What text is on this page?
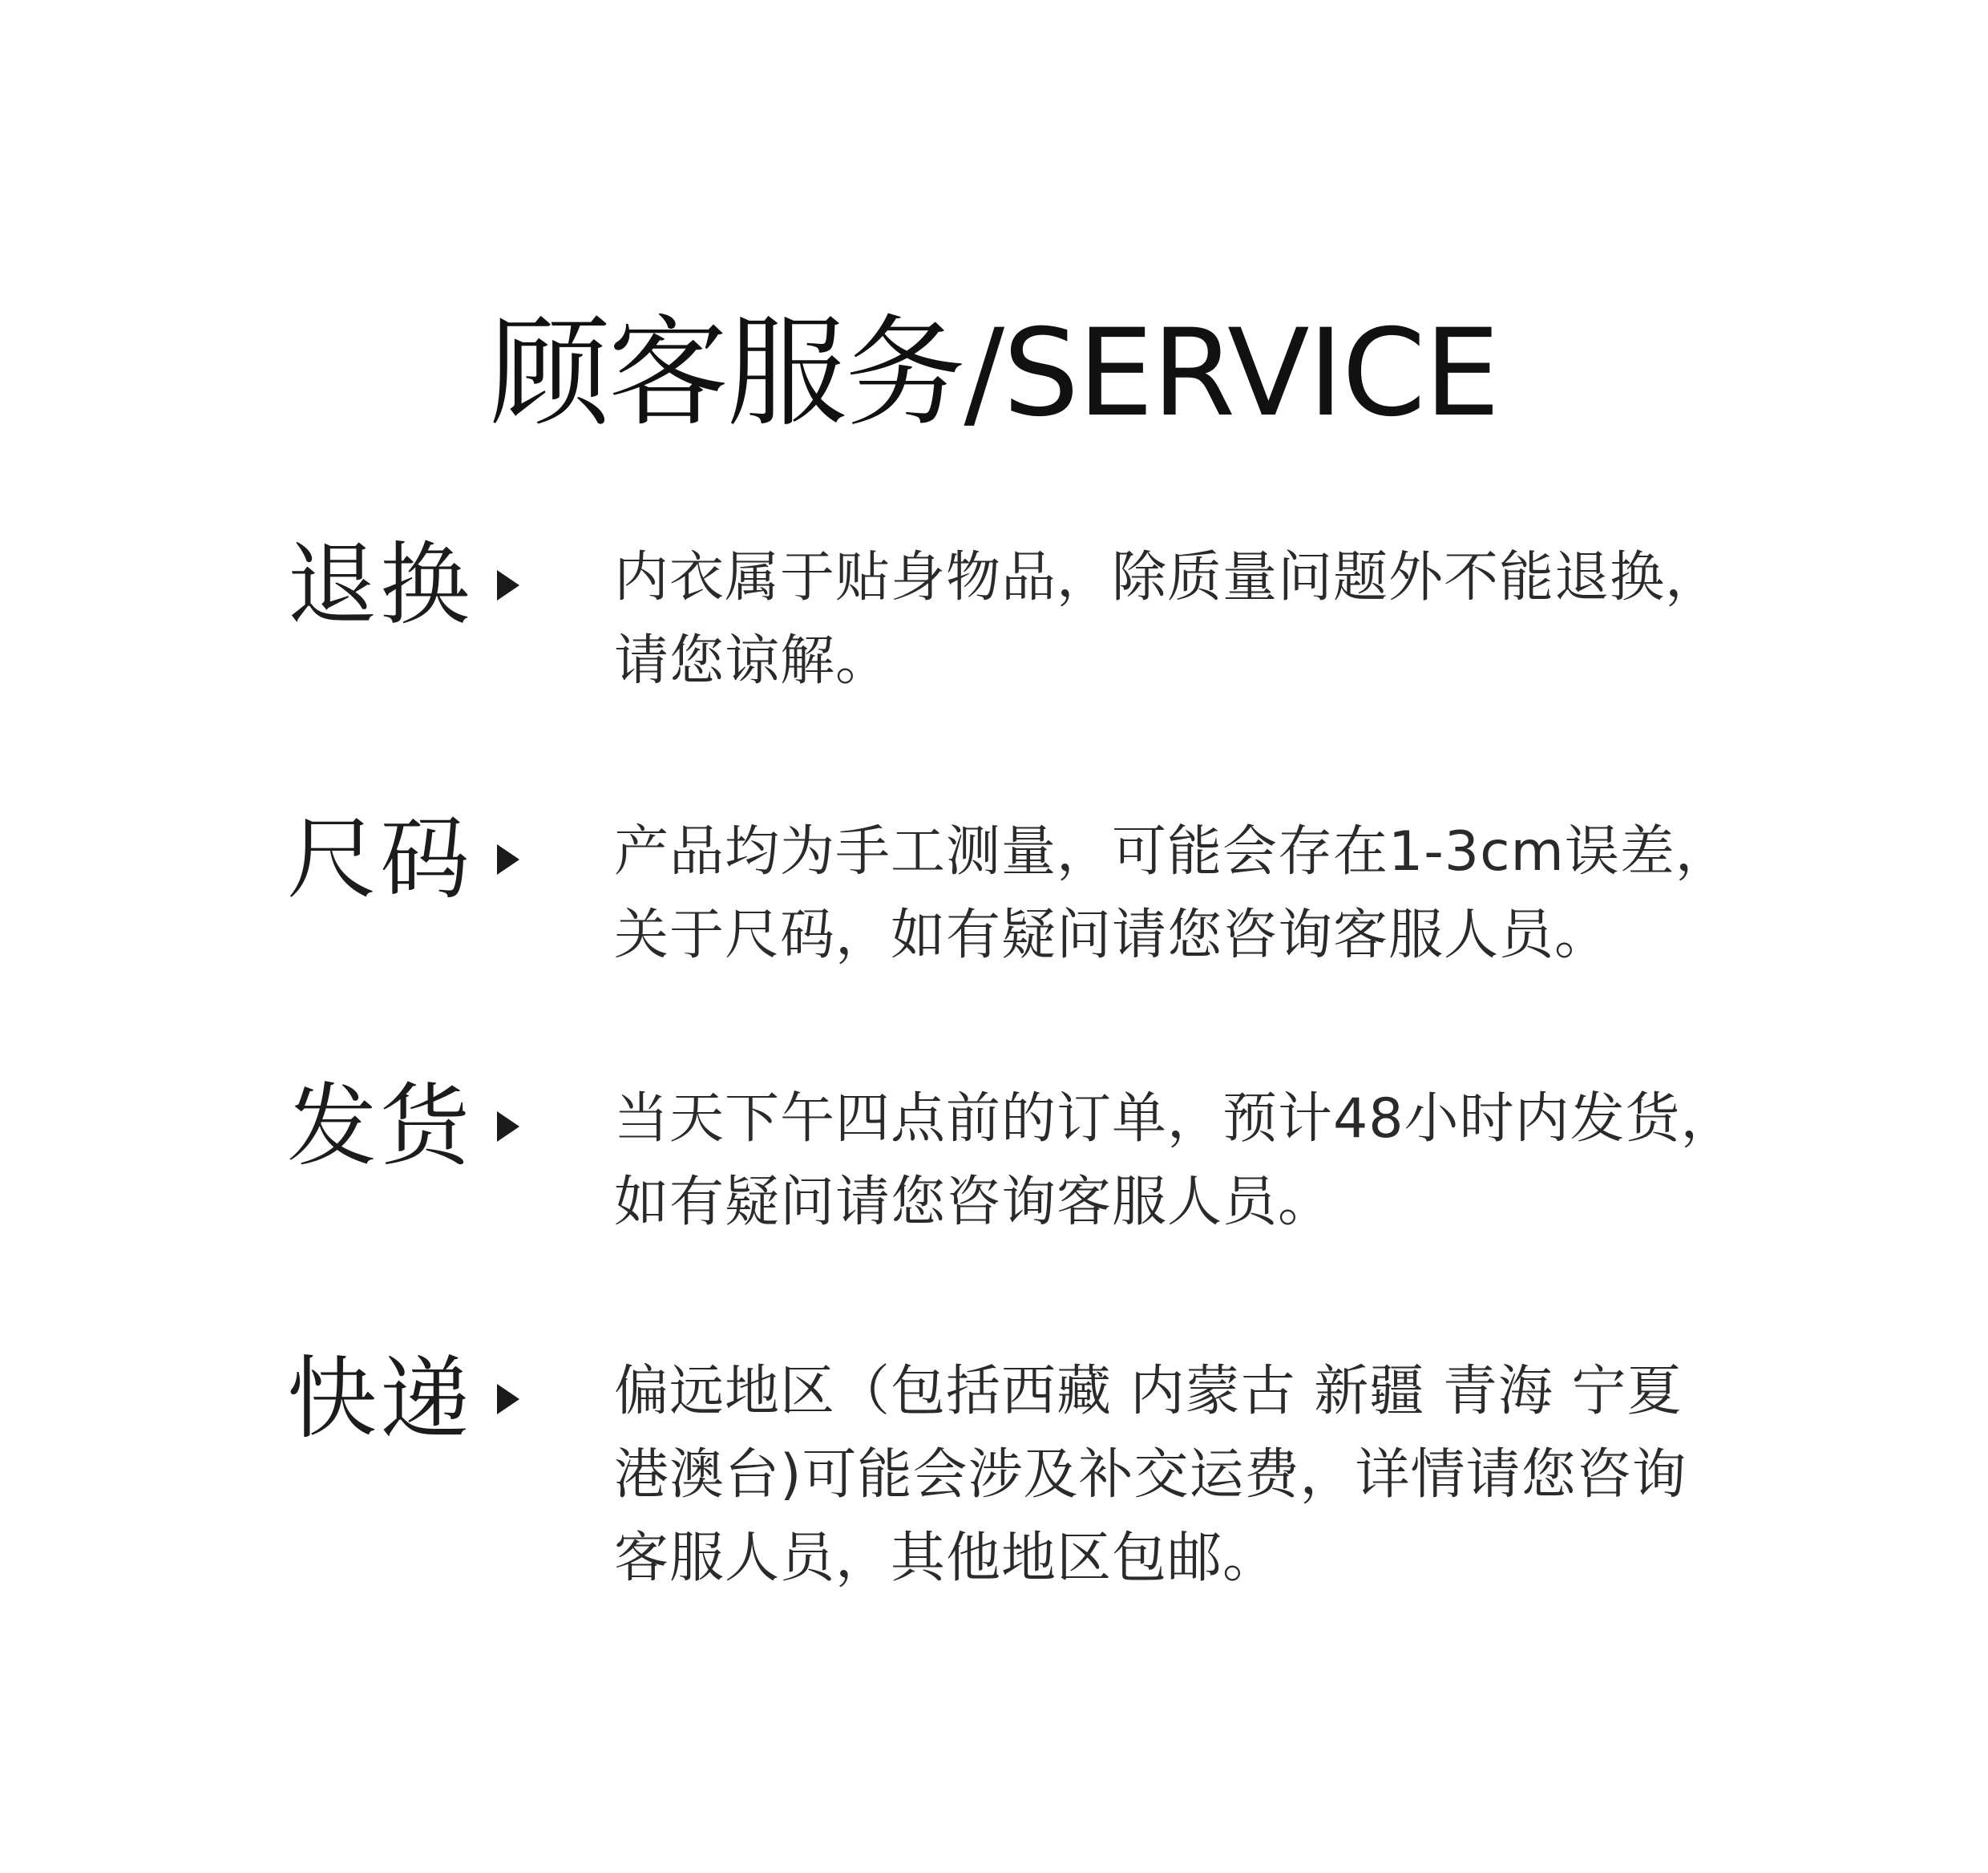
顾客服务/SERVICE
退换	内衣属于贴身物品，除质量问题外不能退换，
请您谅解。

尺码	产品均为手工测量，可能会存在1-3cm误差，
关于尺码，如有疑问请您咨询客服人员。

发货	当天下午四点前的订单，预计48小时内发货，
如有疑问请您咨询客服人员。

快递	偏远地区（包括西藏 内蒙古 新疆 青海 宁夏
港澳台)可能会涉及补交运费，详情请您咨询
客服人员，其他地区包邮。
